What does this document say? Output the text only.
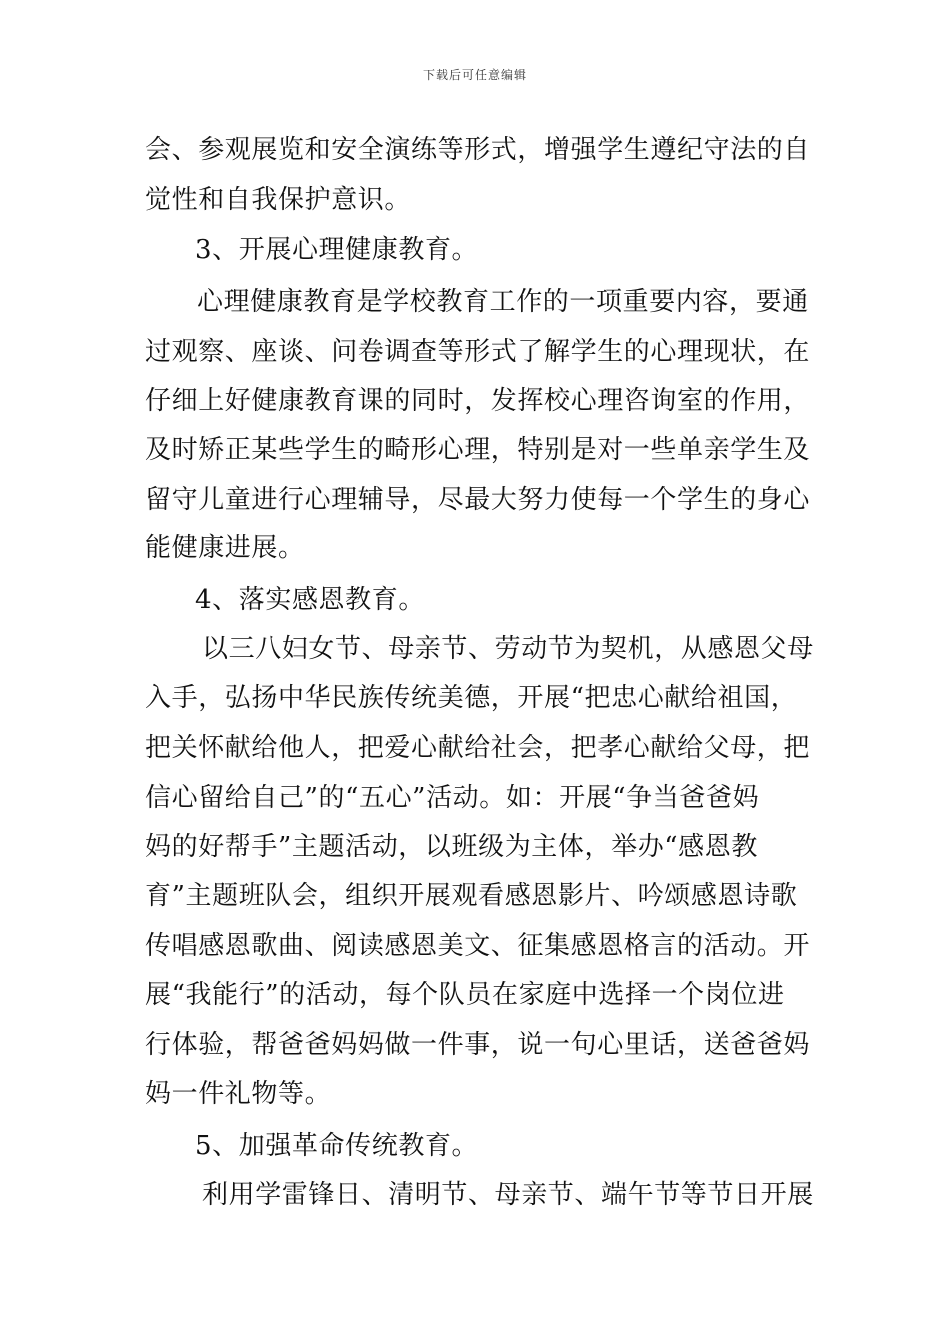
下载后可任意编辑
会、参观展览和安全演练等形式，增强学生遵纪守法的自
觉性和自我保护意识。
3、开展心理健康教育。
心理健康教育是学校教育工作的一项重要内容，要通
过观察、座谈、问卷调查等形式了解学生的心理现状，在
仔细上好健康教育课的同时，发挥校心理咨询室的作用，
及时矫正某些学生的畸形心理，特别是对一些单亲学生及
留守儿童进行心理辅导，尽最大努力使每一个学生的身心
能健康进展。
4、落实感恩教育。
以三八妇女节、母亲节、劳动节为契机，从感恩父母
入手，弘扬中华民族传统美德，开展“把忠心献给祖国，
把关怀献给他人，把爱心献给社会，把孝心献给父母，把
信心留给自己”的“五心”活动。如：开展“争当爸爸妈
妈的好帮手”主题活动，以班级为主体，举办“感恩教
育”主题班队会，组织开展观看感恩影片、吟颂感恩诗歌
传唱感恩歌曲、阅读感恩美文、征集感恩格言的活动。开
展“我能行”的活动，每个队员在家庭中选择一个岗位进
行体验，帮爸爸妈妈做一件事，说一句心里话，送爸爸妈
妈一件礼物等。
5、加强革命传统教育。
利用学雷锋日、清明节、母亲节、端午节等节日开展
